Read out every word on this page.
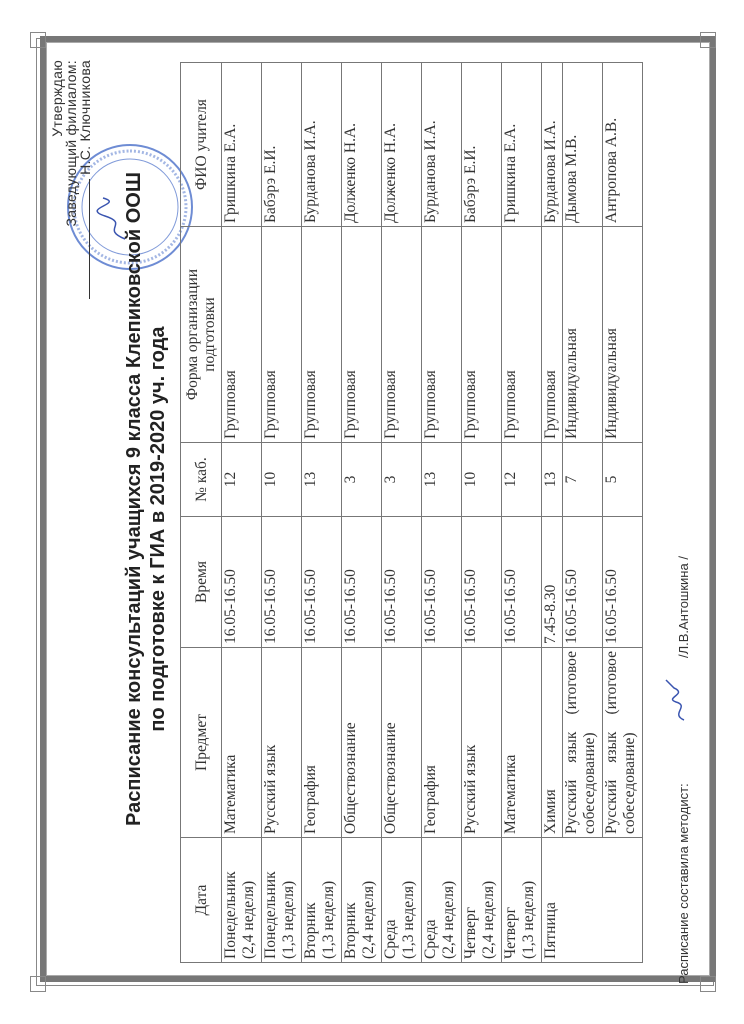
Утверждаю
Заведующий филиалом:
Н.С. Ключникова
Расписание консультаций учащихся 9 класса Клепиковской ООШ по подготовке к ГИА в 2019-2020 уч. года
Дата	Предмет	Время	№ каб.	Форма организации подготовки	ФИО учителя

Понедельник (2,4 неделя)	Математика	16.05-16.50	12	Групповая	Гришкина Е.А.

Понедельник (1,3 неделя)	Русский язык	16.05-16.50	10	Групповая	Бабэрэ Е.И.

Вторник (1,3 неделя)	География	16.05-16.50	13	Групповая	Бурданова И.А.

Вторник (2,4 неделя)	Обществознание	16.05-16.50	3	Групповая	Долженко Н.А.

Среда (1,3 неделя)	Обществознание	16.05-16.50	3	Групповая	Долженко Н.А.

Среда (2,4 неделя)	География	16.05-16.50	13	Групповая	Бурданова И.А.

Четверг (2,4 неделя)	Русский язык	16.05-16.50	10	Групповая	Бабэрэ Е.И.

Четверг (1,3 неделя)	Математика	16.05-16.50	12	Групповая	Гришкина Е.А.

Пятница	Химия	7.45-8.30	13	Групповая	Бурданова И.А.
	Русский язык (итоговое собеседование)	16.05-16.50	7	Индивидуальная	Дымова М.В.
	Русский язык (итоговое собеседование)	16.05-16.50	5	Индивидуальная	Антропова А.В.
Расписание составила методист:
/Л.В.Антошкина /
